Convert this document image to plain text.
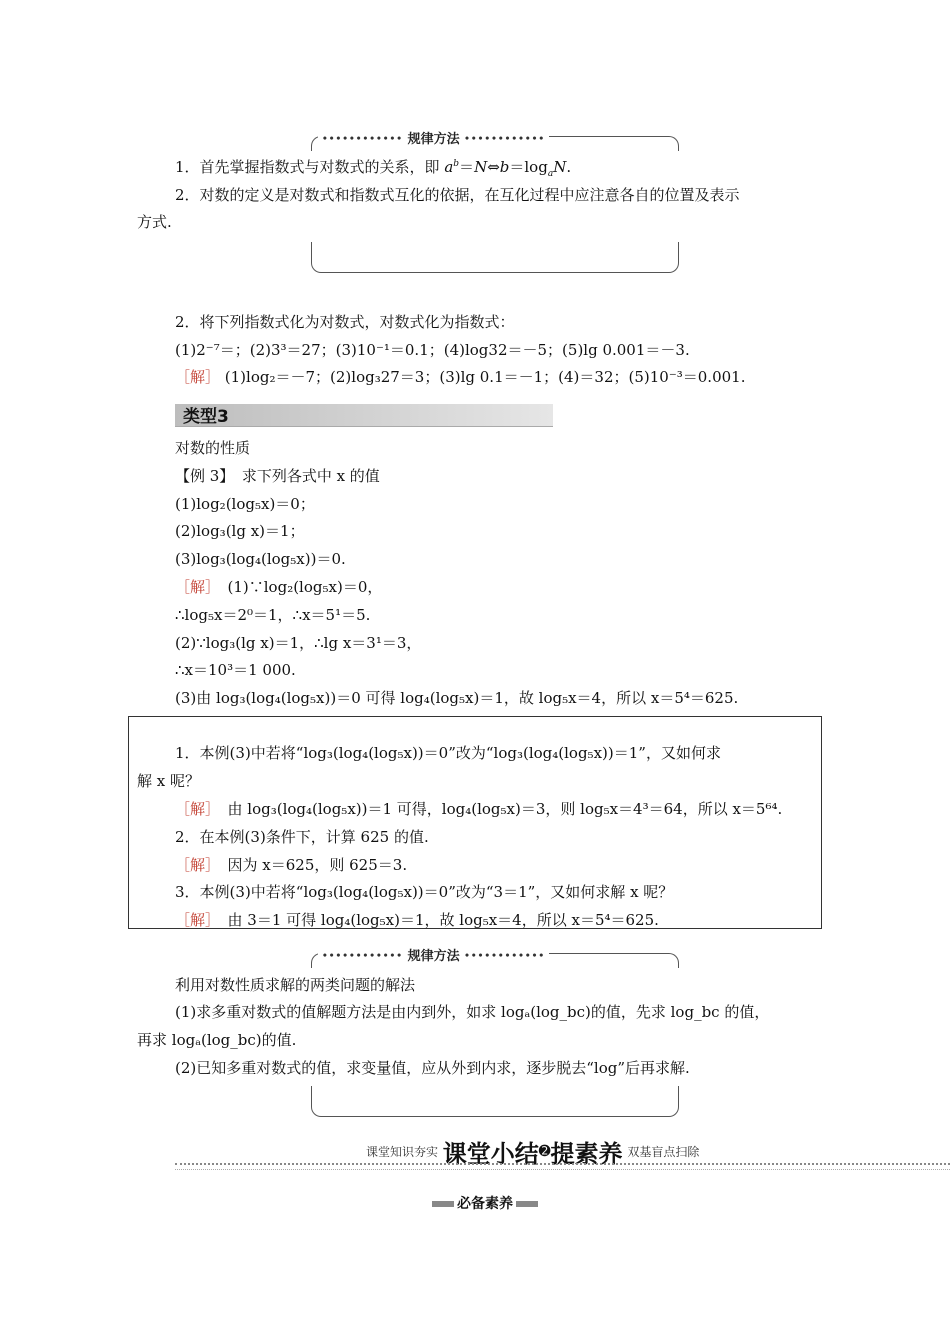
•••••••••••• 规律方法 ••••••••••••
1．首先掌握指数式与对数式的关系，即 $a^b=N\Leftrightarrow b=\log_aN$.
2．对数的定义是对数式和指数式互化的依据，在互化过程中应注意各自的位置及表示
方式.
2．将下列指数式化为对数式，对数式化为指数式：
(1)2⁻⁷＝；(2)3³＝27；(3)10⁻¹＝0.1；(4)log32＝－5；(5)lg 0.001＝－3.
［解］ (1)log₂＝－7；(2)log₃27＝3；(3)lg 0.1＝－1；(4)＝32；(5)10⁻³＝0.001.
类型3
对数的性质
【例 3】　求下列各式中 x 的值
(1)log₂(log₅x)＝0；
(2)log₃(lg x)＝1；
(3)log₃(log₄(log₅x))＝0.
［解］　(1)∵log₂(log₅x)＝0，
∴log₅x＝2⁰＝1，∴x＝5¹＝5.
(2)∵log₃(lg x)＝1，∴lg x＝3¹＝3，
∴x＝10³＝1 000.
(3)由 log₃(log₄(log₅x))＝0 可得 log₄(log₅x)＝1，故 log₅x＝4，所以 x＝5⁴＝625.
1．本例(3)中若将“log₃(log₄(log₅x))＝0”改为“log₃(log₄(log₅x))＝1”，又如何求
解 x 呢？
［解］　由 log₃(log₄(log₅x))＝1 可得，log₄(log₅x)＝3，则 log₅x＝4³＝64，所以 x＝5⁶⁴.
2．在本例(3)条件下，计算 625 的值.
［解］　因为 x＝625，则 625＝3.
3．本例(3)中若将“log₃(log₄(log₅x))＝0”改为“3＝1”，又如何求解 x 呢？
［解］　由 3＝1 可得 log₄(log₅x)＝1，故 log₅x＝4，所以 x＝5⁴＝625.
•••••••••••• 规律方法 ••••••••••••
利用对数性质求解的两类问题的解法
(1)求多重对数式的值解题方法是由内到外，如求 logₐ(log_bc)的值，先求 log_bc 的值，
再求 logₐ(log_bc)的值.
(2)已知多重对数式的值，求变量值，应从外到内求，逐步脱去“log”后再求解.
课堂知识夯实 课堂小结➋提素养 双基盲点扫除
必备素养
